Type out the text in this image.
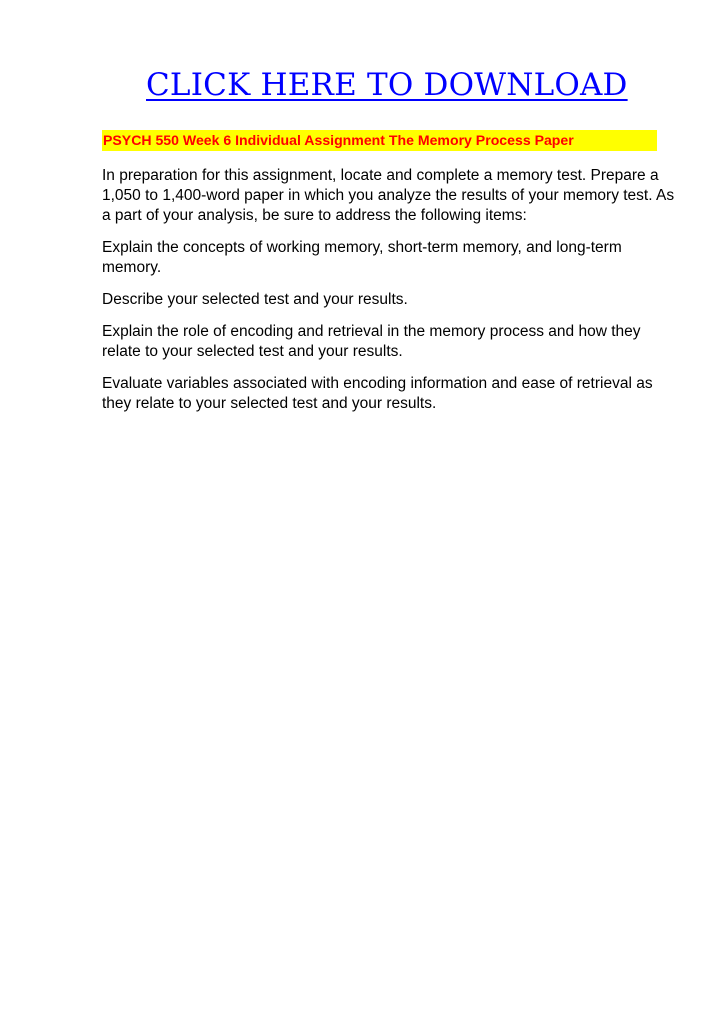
CLICK HERE TO DOWNLOAD
PSYCH 550 Week 6 Individual Assignment The Memory Process Paper

In preparation for this assignment, locate and complete a memory test. Prepare a 1,050 to 1,400-word paper in which you analyze the results of your memory test. As a part of your analysis, be sure to address the following items:

Explain the concepts of working memory, short-term memory, and long-term memory.

Describe your selected test and your results.

Explain the role of encoding and retrieval in the memory process and how they relate to your selected test and your results.

Evaluate variables associated with encoding information and ease of retrieval as they relate to your selected test and your results.
